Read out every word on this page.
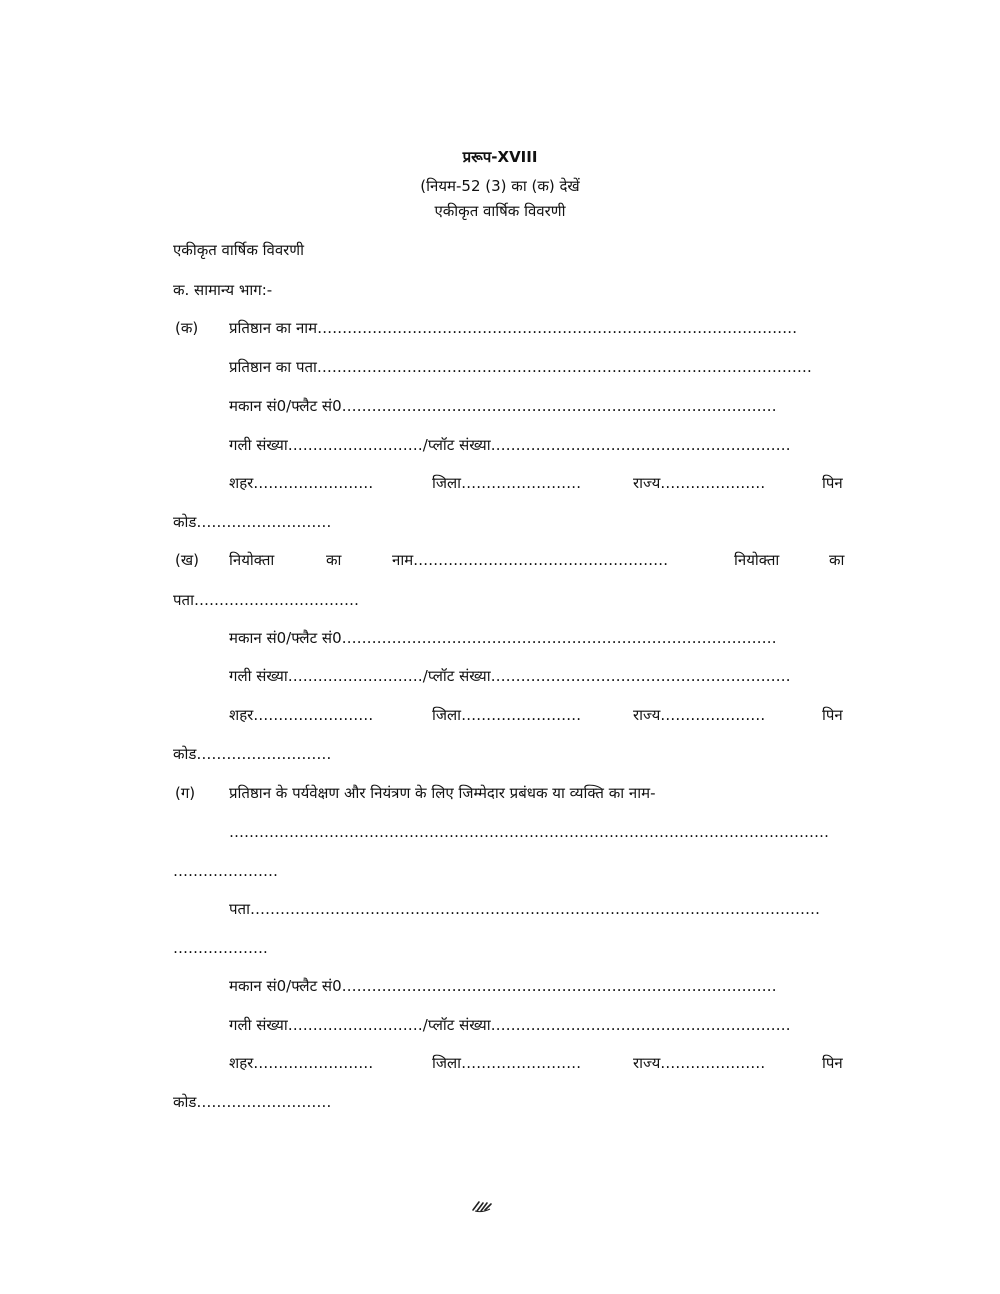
प्ररूप-XVIII
(नियम-52 (3) का (क) देखें
एकीकृत वार्षिक विवरणी
एकीकृत वार्षिक विवरणी
क. सामान्य भाग:-
(क) प्रतिष्ठान का नाम……………………………………………………………………………………
प्रतिष्ठान का पता………………………………………………………………………………………
मकान सं0/फ्लैट सं0……………………………………………………………………………
गली संख्या………………………/प्लॉट संख्या……………………………………………………
शहर……………………	जिला……………………	राज्य…………………	पिन
कोड………………………
(ख) नियोक्ता	का	नाम……………………………………………	नियोक्ता	का
पता……………………………
मकान सं0/फ्लैट सं0……………………………………………………………………………
गली संख्या………………………/प्लॉट संख्या……………………………………………………
शहर……………………	जिला……………………	राज्य…………………	पिन
कोड………………………
(ग) प्रतिष्ठान के पर्यवेक्षण और नियंत्रण के लिए जिम्मेदार प्रबंधक या व्यक्ति का नाम-
…………………………………………………………………………………………………………
…………………
पता……………………………………………………………………………………………………
……………….
मकान सं0/फ्लैट सं0……………………………………………………………………………
गली संख्या………………………/प्लॉट संख्या……………………………………………………
शहर……………………	जिला……………………	राज्य…………………	पिन
कोड………………………
